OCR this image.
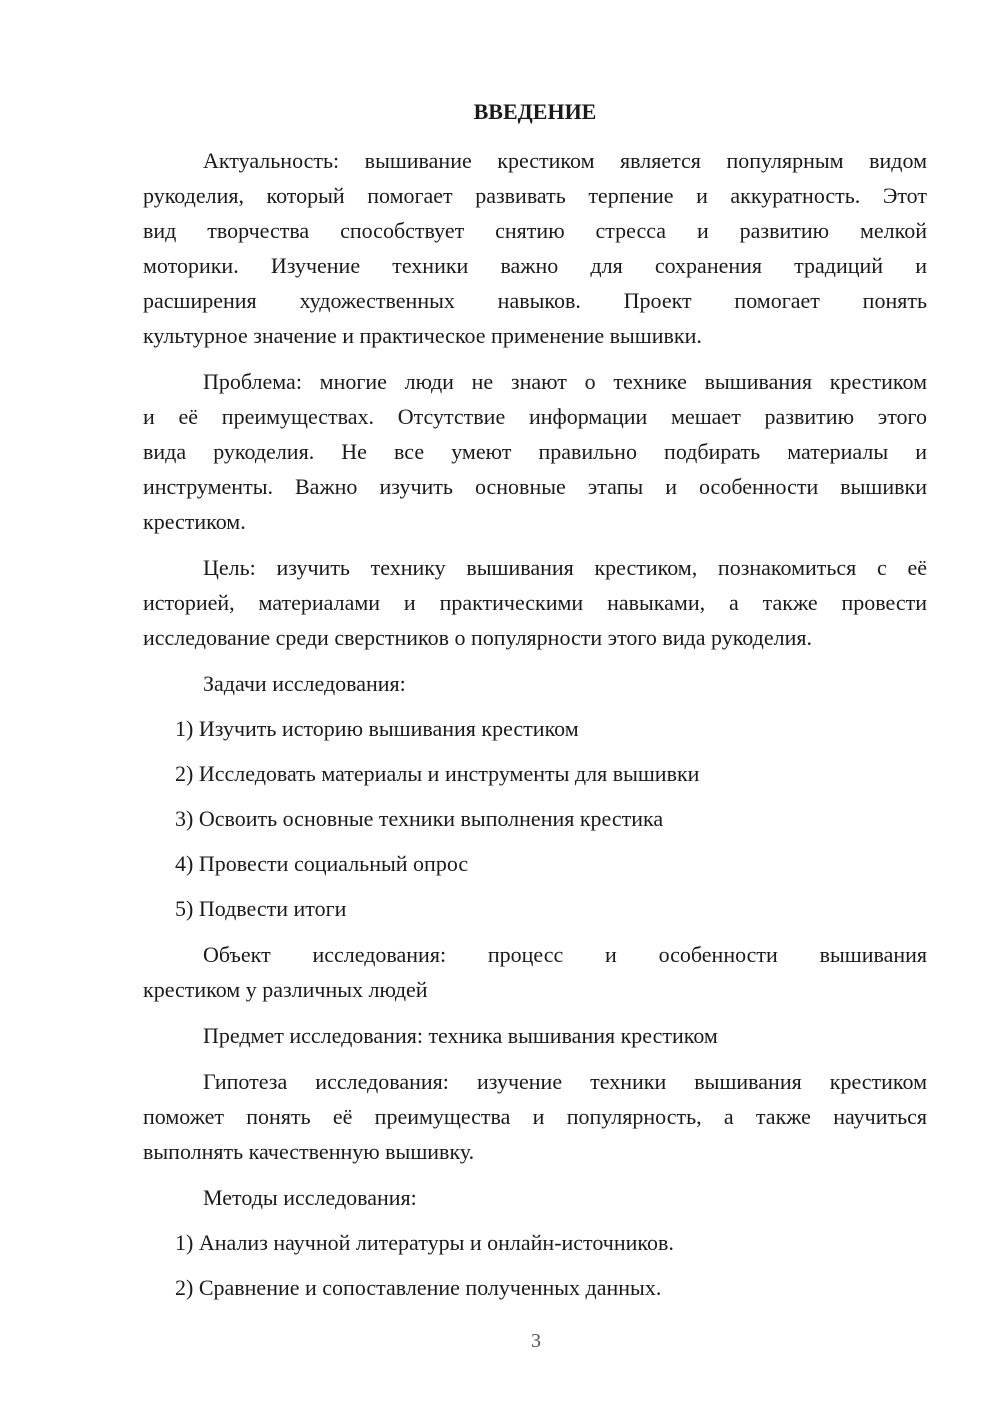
ВВЕДЕНИЕ
Актуальность: вышивание крестиком является популярным видом
рукоделия, который помогает развивать терпение и аккуратность. Этот
вид творчества способствует снятию стресса и развитию мелкой
моторики. Изучение техники важно для сохранения традиций и
расширения художественных навыков. Проект помогает понять
культурное значение и практическое применение вышивки.
Проблема: многие люди не знают о технике вышивания крестиком
и её преимуществах. Отсутствие информации мешает развитию этого
вида рукоделия. Не все умеют правильно подбирать материалы и
инструменты. Важно изучить основные этапы и особенности вышивки
крестиком.
Цель: изучить технику вышивания крестиком, познакомиться с её
историей, материалами и практическими навыками, а также провести
исследование среди сверстников о популярности этого вида рукоделия.
Задачи исследования:
1) Изучить историю вышивания крестиком
2) Исследовать материалы и инструменты для вышивки
3) Освоить основные техники выполнения крестика
4) Провести социальный опрос
5) Подвести итоги
Объект исследования: процесс и особенности вышивания
крестиком у различных людей
Предмет исследования: техника вышивания крестиком
Гипотеза исследования: изучение техники вышивания крестиком
поможет понять её преимущества и популярность, а также научиться
выполнять качественную вышивку.
Методы исследования:
1) Анализ научной литературы и онлайн-источников.
2) Сравнение и сопоставление полученных данных.
3
